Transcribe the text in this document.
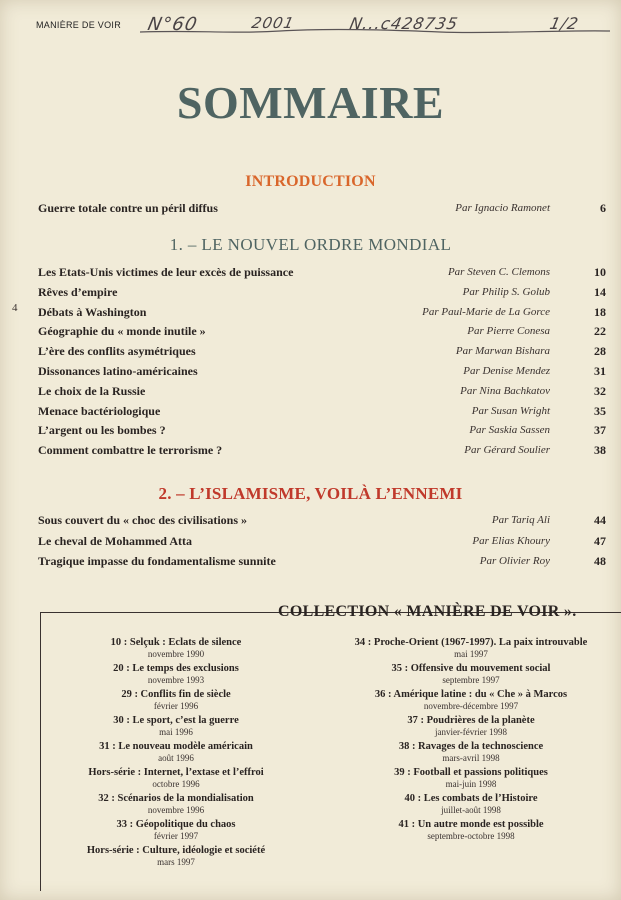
MANIÈRE DE VOIR N°60	2001	N...c428735	1/2
SOMMAIRE
4
INTRODUCTION
Guerre totale contre un péril diffus	Par Ignacio Ramonet	6
1. – LE NOUVEL ORDRE MONDIAL
Les Etats-Unis victimes de leur excès de puissance	Par Steven C. Clemons	10
Rêves d’empire	Par Philip S. Golub	14
Débats à Washington	Par Paul-Marie de La Gorce	18
Géographie du « monde inutile »	Par Pierre Conesa	22
L’ère des conflits asymétriques	Par Marwan Bishara	28
Dissonances latino-américaines	Par Denise Mendez	31
Le choix de la Russie	Par Nina Bachkatov	32
Menace bactériologique	Par Susan Wright	35
L’argent ou les bombes ?	Par Saskia Sassen	37
Comment combattre le terrorisme ?	Par Gérard Soulier	38
2. – L’ISLAMISME, VOILÀ L’ENNEMI
Sous couvert du « choc des civilisations »	Par Tariq Ali	44
Le cheval de Mohammed Atta	Par Elias Khoury	47
Tragique impasse du fondamentalisme sunnite	Par Olivier Roy	48
10 : Selçuk : Eclats de silence
novembre 1990
20 : Le temps des exclusions
novembre 1993
29 : Conflits fin de siècle
février 1996
30 : Le sport, c’est la guerre
mai 1996
31 : Le nouveau modèle américain
août 1996
Hors-série : Internet, l’extase et l’effroi
octobre 1996
32 : Scénarios de la mondialisation
novembre 1996
33 : Géopolitique du chaos
février 1997
Hors-série : Culture, idéologie et société
mars 1997
34 : Proche-Orient (1967-1997). La paix introuvable
mai 1997
35 : Offensive du mouvement social
septembre 1997
36 : Amérique latine : du « Che » à Marcos
novembre-décembre 1997
37 : Poudrières de la planète
janvier-février 1998
38 : Ravages de la technoscience
mars-avril 1998
39 : Football et passions politiques
mai-juin 1998
40 : Les combats de l’Histoire
juillet-août 1998
41 : Un autre monde est possible
septembre-octobre 1998
COLLECTION « MANIÈRE DE VOIR ».
